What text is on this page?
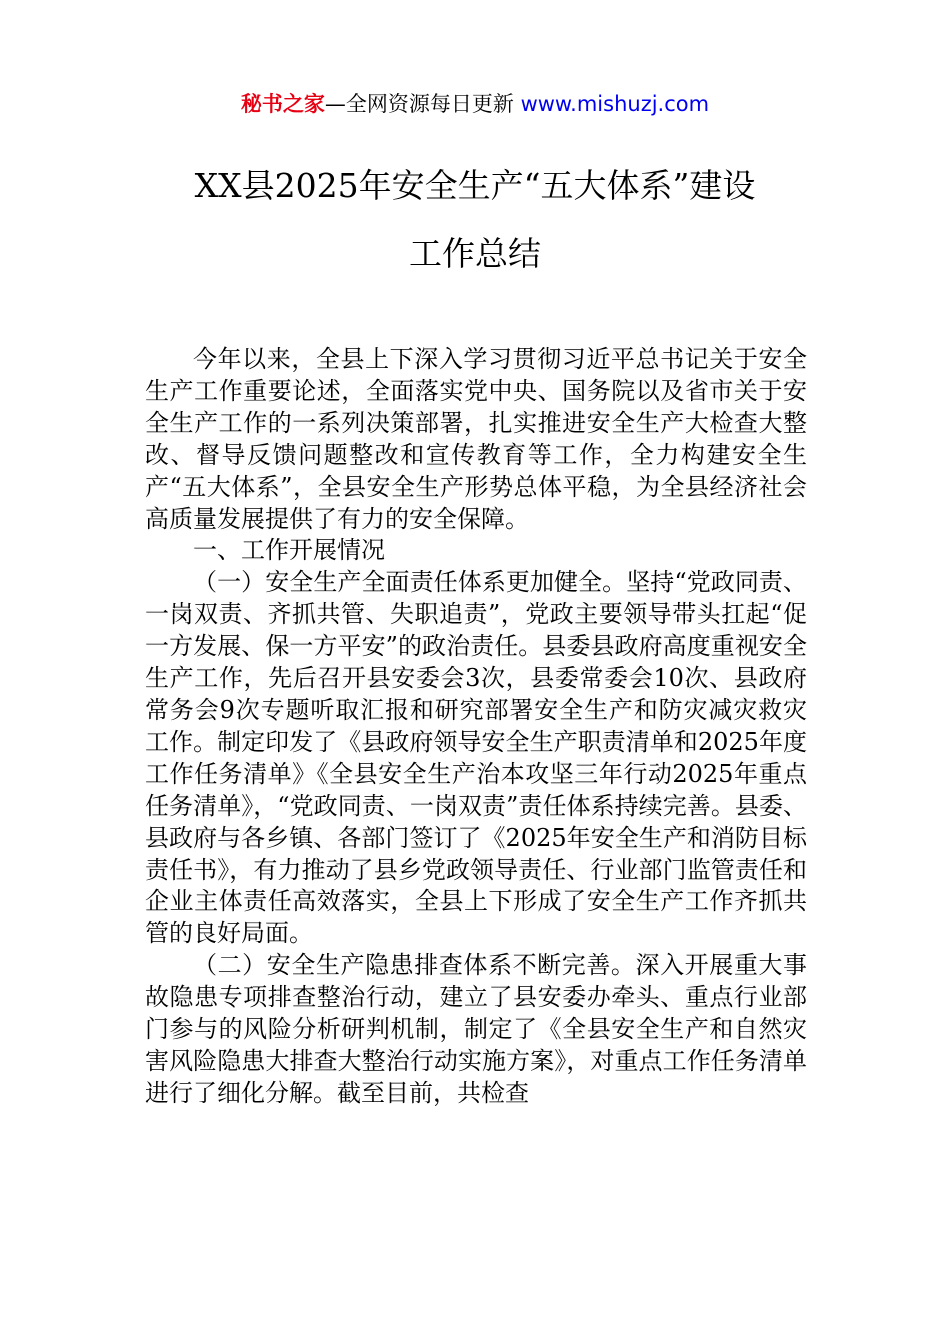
秘书之家—全网资源每日更新 www.mishuzj.com
XX县2025年安全生产“五大体系”建设
工作总结

今年以来，全县上下深入学习贯彻习近平总书记关于安全生产工作重要论述，全面落实党中央、国务院以及省市关于安全生产工作的一系列决策部署，扎实推进安全生产大检查大整改、督导反馈问题整改和宣传教育等工作，全力构建安全生产“五大体系”，全县安全生产形势总体平稳，为全县经济社会高质量发展提供了有力的安全保障。

一、工作开展情况

（一）安全生产全面责任体系更加健全。坚持“党政同责、一岗双责、齐抓共管、失职追责”，党政主要领导带头扛起“促一方发展、保一方平安”的政治责任。县委县政府高度重视安全生产工作，先后召开县安委会3次，县委常委会10次、县政府常务会9次专题听取汇报和研究部署安全生产和防灾减灾救灾工作。制定印发了《县政府领导安全生产职责清单和2025年度工作任务清单》《全县安全生产治本攻坚三年行动2025年重点任务清单》，“党政同责、一岗双责”责任体系持续完善。县委、县政府与各乡镇、各部门签订了《2025年安全生产和消防目标责任书》，有力推动了县乡党政领导责任、行业部门监管责任和企业主体责任高效落实，全县上下形成了安全生产工作齐抓共管的良好局面。

（二）安全生产隐患排查体系不断完善。深入开展重大事故隐患专项排查整治行动，建立了县安委办牵头、重点行业部门参与的风险分析研判机制，制定了《全县安全生产和自然灾害风险隐患大排查大整治行动实施方案》，对重点工作任务清单进行了细化分解。截至目前，共检查
